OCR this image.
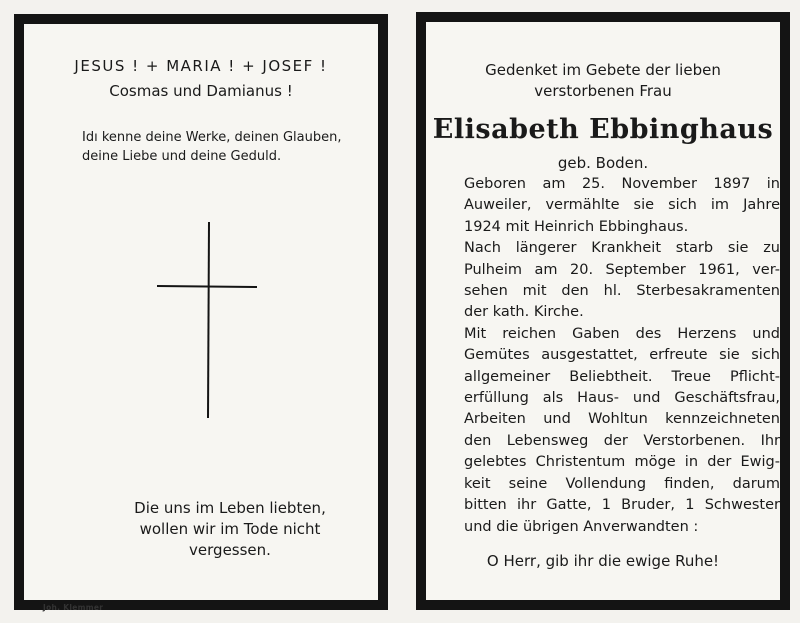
JESUS ! + MARIA ! + JOSEF !
Cosmas und Damianus !
Idı kenne deine Werke, deinen Glauben,
deine Liebe und deine Geduld.
Die uns im Leben liebten,
wollen wir im Tode nicht
vergessen.
Joh. Klemmer
Gedenket im Gebete der lieben
verstorbenen Frau
Elisabeth Ebbinghaus
geb. Boden.
Geboren am 25. November 1897 in
Auweiler, vermählte sie sich im Jahre
1924 mit Heinrich Ebbinghaus.
Nach längerer Krankheit starb sie zu
Pulheim am 20. September 1961, ver-
sehen mit den hl. Sterbesakramenten
der kath. Kirche.
Mit reichen Gaben des Herzens und
Gemütes ausgestattet, erfreute sie sich
allgemeiner Beliebtheit. Treue Pflicht-
erfüllung als Haus- und Geschäftsfrau,
Arbeiten und Wohltun kennzeichneten
den Lebensweg der Verstorbenen. Ihr
gelebtes Christentum möge in der Ewig-
keit seine Vollendung finden, darum
bitten ihr Gatte, 1 Bruder, 1 Schwester
und die übrigen Anverwandten :
O Herr, gib ihr die ewige Ruhe!
